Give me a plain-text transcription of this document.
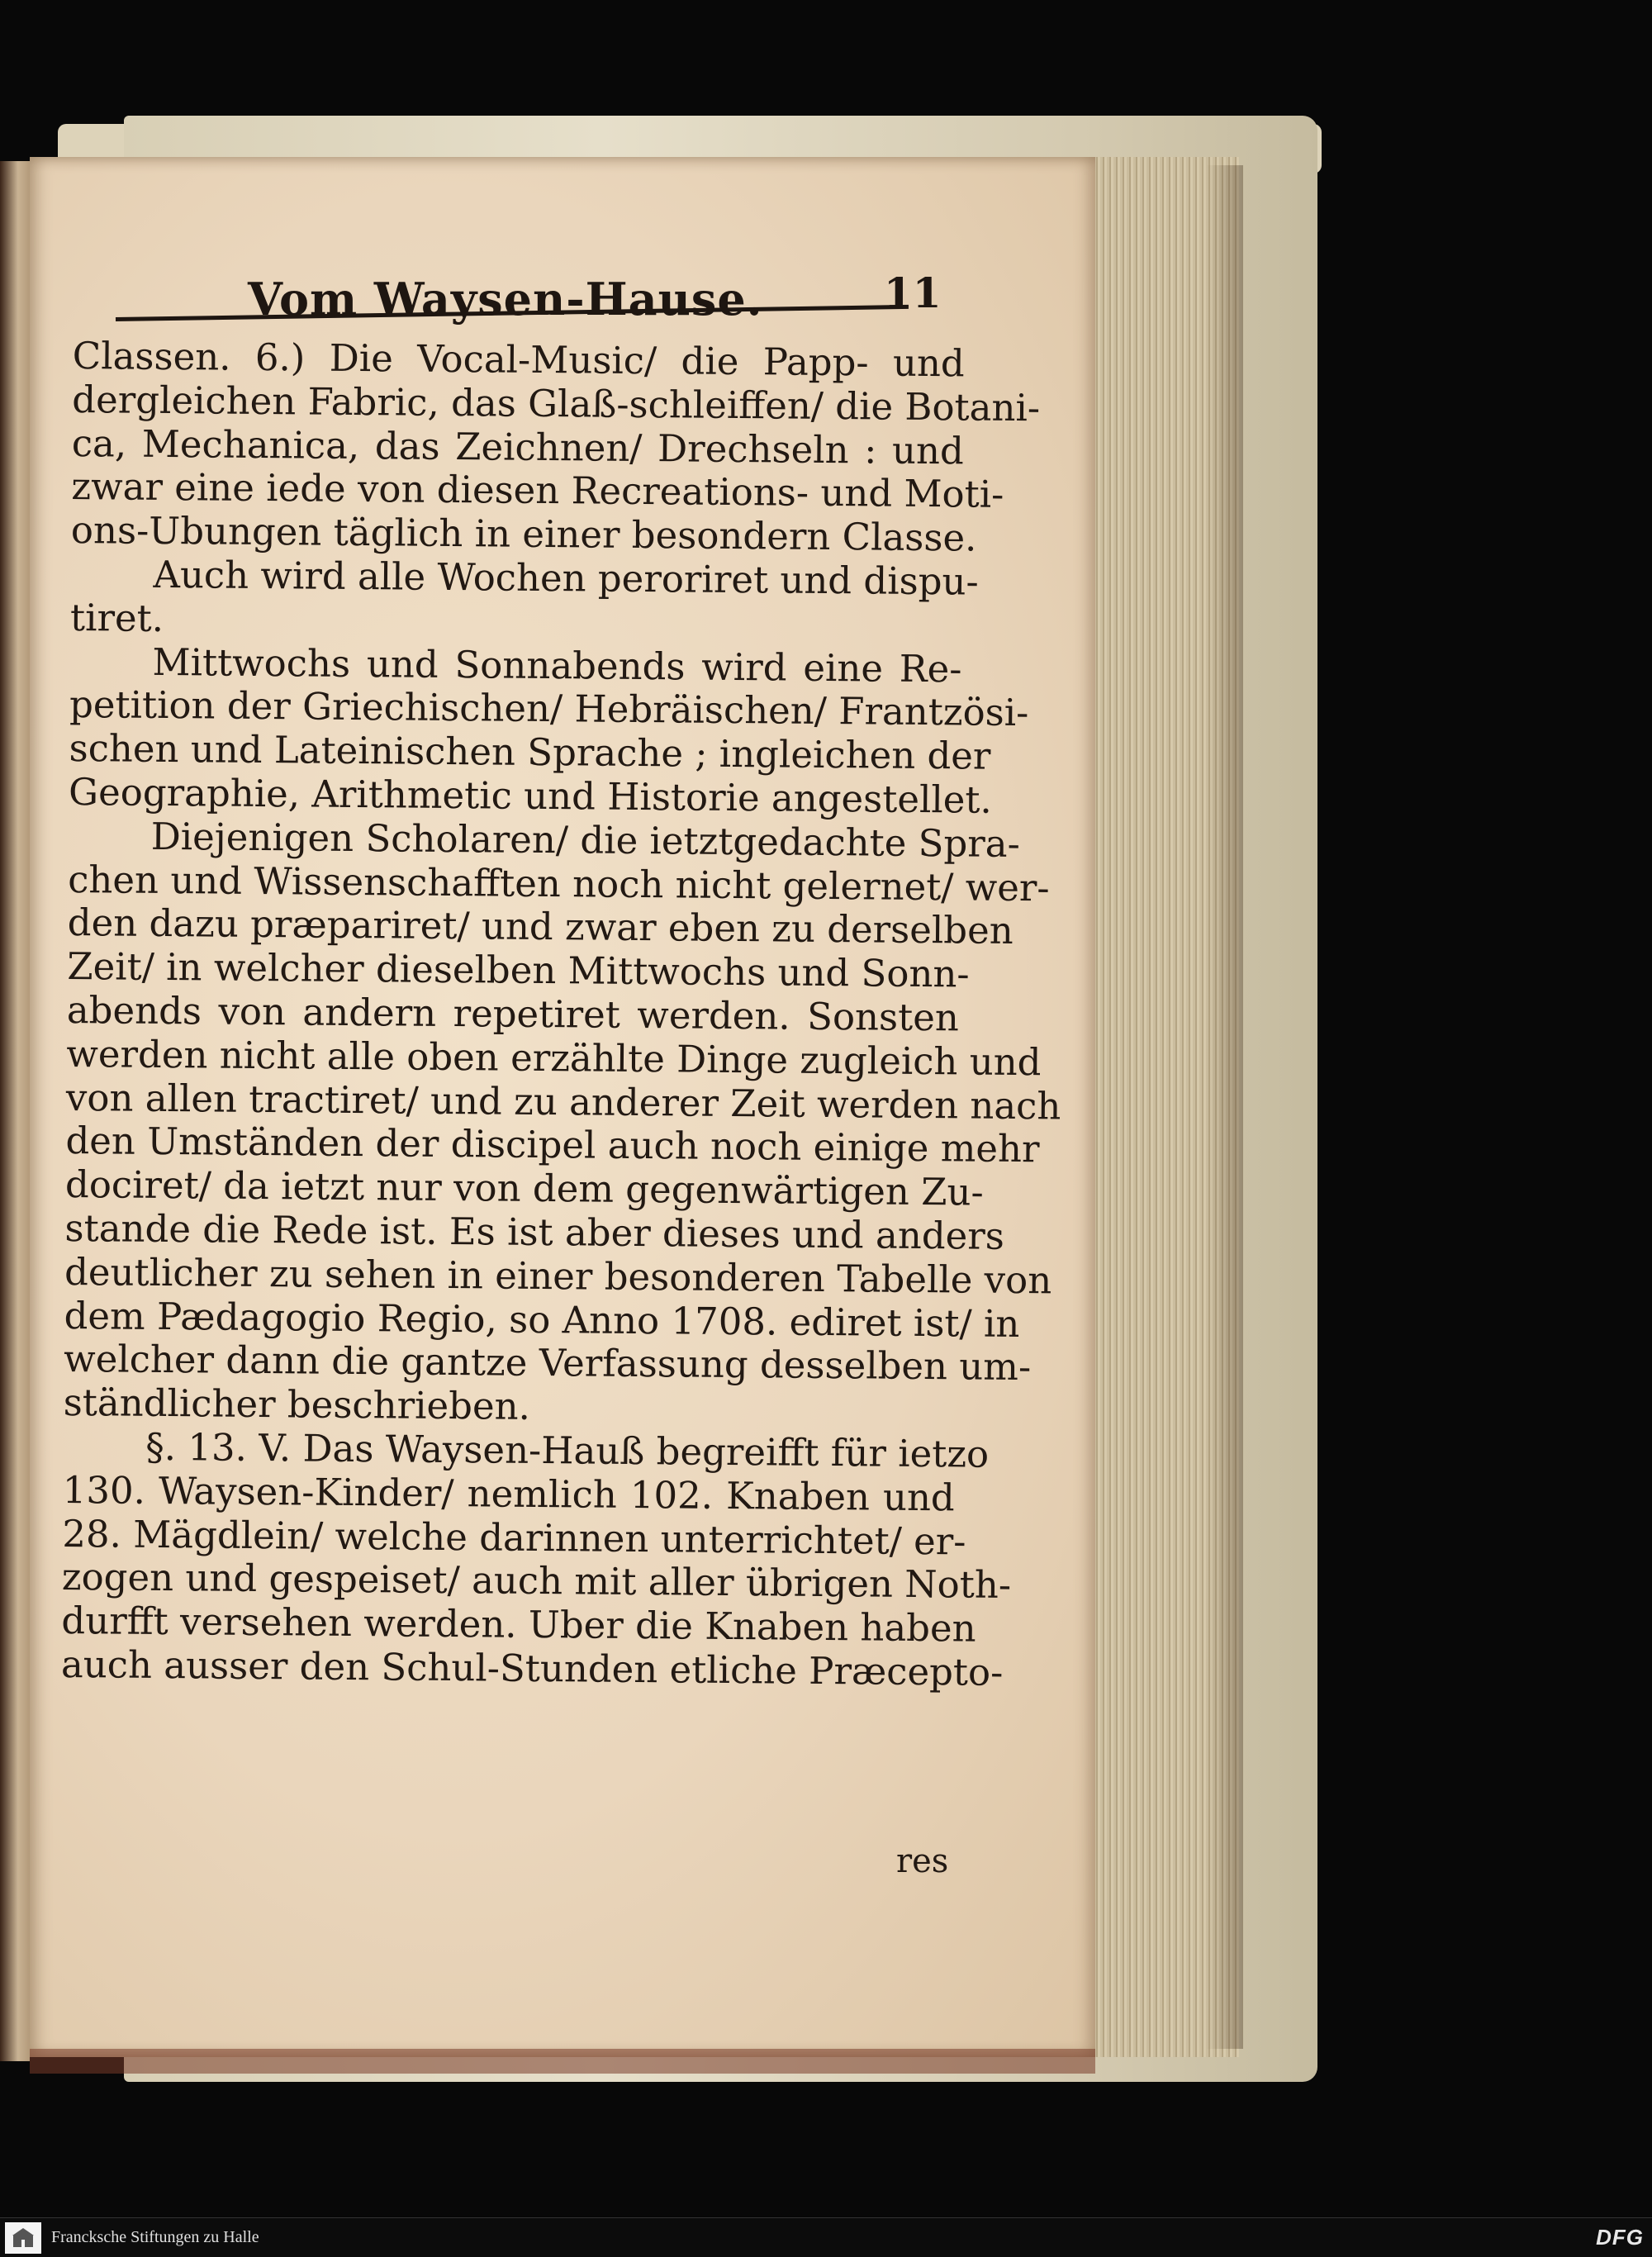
Vom Waysen-Hause.	11
Classen. 6.) Die Vocal-Music/ die Papp- und
dergleichen Fabric, das Glaß-schleiffen/ die Botani-
ca, Mechanica, das Zeichnen/ Drechseln : und
zwar eine iede von diesen Recreations- und Moti-
ons-Ubungen täglich in einer besondern Classe.
Auch wird alle Wochen peroriret und dispu-
tiret.
Mittwochs und Sonnabends wird eine Re-
petition der Griechischen/ Hebräischen/ Frantzösi-
schen und Lateinischen Sprache ; ingleichen der
Geographie, Arithmetic und Historie angestellet.
Diejenigen Scholaren/ die ietztgedachte Spra-
chen und Wissenschafften noch nicht gelernet/ wer-
den dazu præpariret/ und zwar eben zu derselben
Zeit/ in welcher dieselben Mittwochs und Sonn-
abends von andern repetiret werden. Sonsten
werden nicht alle oben erzählte Dinge zugleich und
von allen tractiret/ und zu anderer Zeit werden nach
den Umständen der discipel auch noch einige mehr
dociret/ da ietzt nur von dem gegenwärtigen Zu-
stande die Rede ist. Es ist aber dieses und anders
deutlicher zu sehen in einer besonderen Tabelle von
dem Pædagogio Regio, so Anno 1708. ediret ist/ in
welcher dann die gantze Verfassung desselben um-
ständlicher beschrieben.
§. 13. V. Das Waysen-Hauß begreifft für ietzo
130. Waysen-Kinder/ nemlich 102. Knaben und
28. Mägdlein/ welche darinnen unterrichtet/ er-
zogen und gespeiset/ auch mit aller übrigen Noth-
durfft versehen werden. Uber die Knaben haben
auch ausser den Schul-Stunden etliche Præcepto-
res
Francksche Stiftungen zu Halle	DFG
